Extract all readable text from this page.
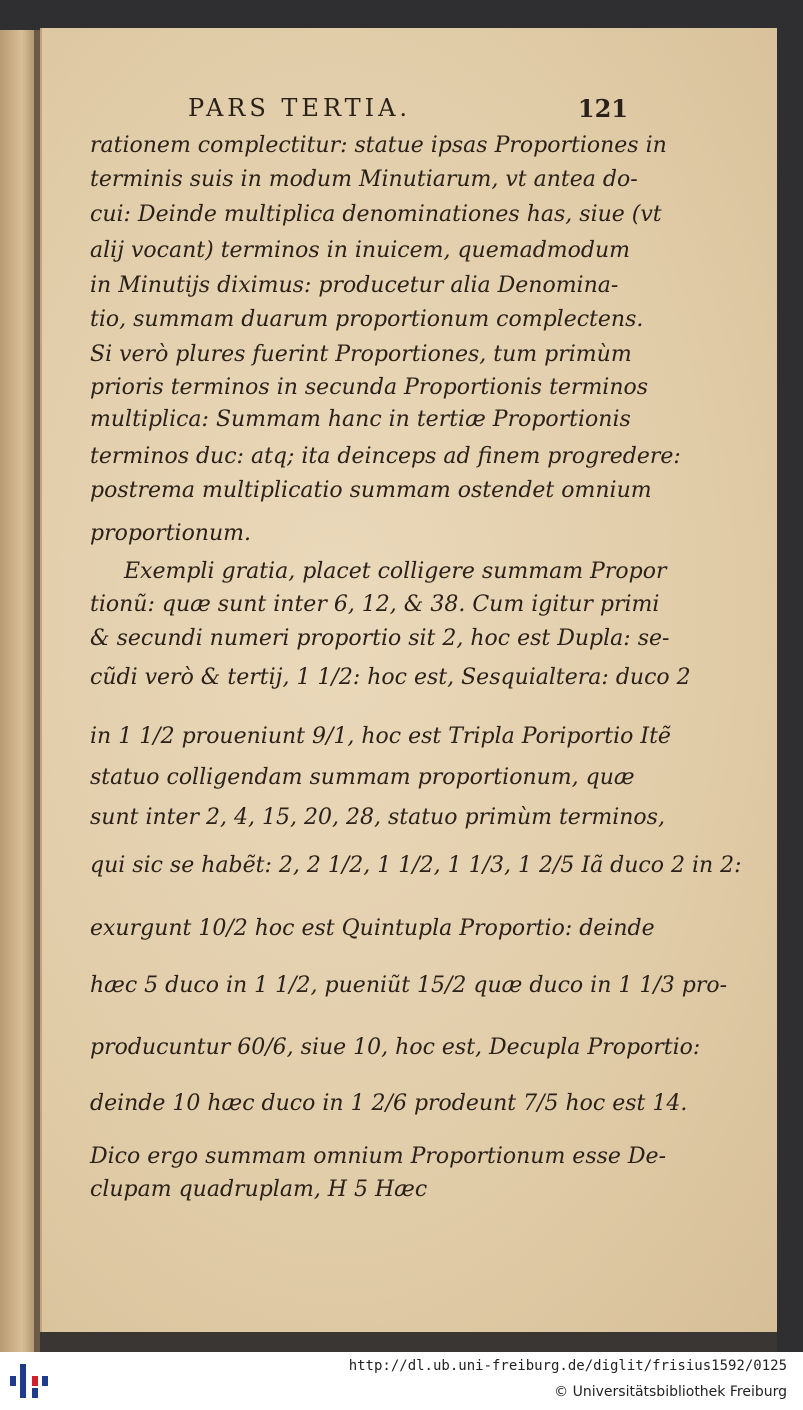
PARS TERTIA.	121
rationem complectitur: statue ipsas Proportiones in
terminis suis in modum Minutiarum, vt antea do-
cui: Deinde multiplica denominationes has, siue (vt
alij vocant) terminos in inuicem, quemadmodum
in Minutijs diximus: producetur alia Denomina-
tio, summam duarum proportionum complectens.
Si verò plures fuerint Proportiones, tum primùm
prioris terminos in secunda Proportionis terminos
multiplica: Summam hanc in tertiæ Proportionis
terminos duc: atq; ita deinceps ad finem progredere:
postrema multiplicatio summam ostendet omnium
proportionum.
Exempli gratia, placet colligere summam Propor
tionũ: quæ sunt inter 6, 12, & 38. Cum igitur primi
& secundi numeri proportio sit 2, hoc est Dupla: se-
cũdi verò & tertij, 1 1/2: hoc est, Sesquialtera: duco 2
in 1 1/2 proueniunt 9/1, hoc est Tripla Poriportio Itẽ
statuo colligendam summam proportionum, quæ
sunt inter 2, 4, 15, 20, 28, statuo primùm terminos,
qui sic se habẽt: 2, 2 1/2, 1 1/2, 1 1/3, 1 2/5 Iã duco 2 in 2:
exurgunt 10/2 hoc est Quintupla Proportio: deinde
hæc 5 duco in 1 1/2, pueniũt 15/2 quæ duco in 1 1/3 pro-
producuntur 60/6, siue 10, hoc est, Decupla Proportio:
deinde 10 hæc duco in 1 2/6 prodeunt 7/5 hoc est 14.
Dico ergo summam omnium Proportionum esse De-
clupam quadruplam, H 5 Hæc
http://dl.ub.uni-freiburg.de/diglit/frisius1592/0125
© Universitätsbibliothek Freiburg
